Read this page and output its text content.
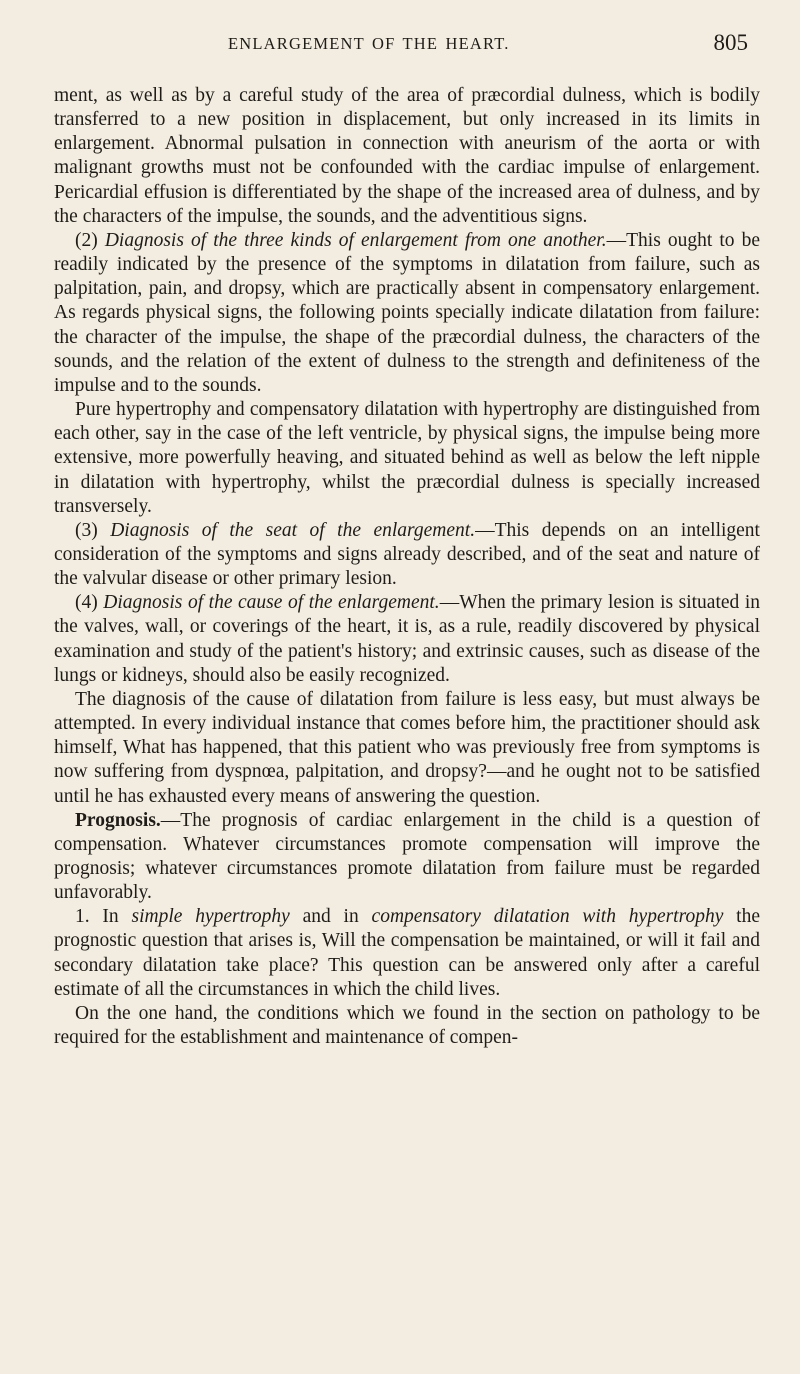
ENLARGEMENT OF THE HEART.	805

ment, as well as by a careful study of the area of præcordial dulness, which is bodily transferred to a new position in displacement, but only increased in its limits in enlargement. Abnormal pulsation in connection with aneurism of the aorta or with malignant growths must not be confounded with the cardiac impulse of enlargement. Pericardial effusion is differentiated by the shape of the increased area of dulness, and by the characters of the impulse, the sounds, and the adventitious signs.

(2) Diagnosis of the three kinds of enlargement from one another.—This ought to be readily indicated by the presence of the symptoms in dilatation from failure, such as palpitation, pain, and dropsy, which are practically absent in compensatory enlargement. As regards physical signs, the following points specially indicate dilatation from failure: the character of the impulse, the shape of the præcordial dulness, the characters of the sounds, and the relation of the extent of dulness to the strength and definiteness of the impulse and to the sounds.

Pure hypertrophy and compensatory dilatation with hypertrophy are distinguished from each other, say in the case of the left ventricle, by physical signs, the impulse being more extensive, more powerfully heaving, and situated behind as well as below the left nipple in dilatation with hypertrophy, whilst the præcordial dulness is specially increased transversely.

(3) Diagnosis of the seat of the enlargement.—This depends on an intelligent consideration of the symptoms and signs already described, and of the seat and nature of the valvular disease or other primary lesion.

(4) Diagnosis of the cause of the enlargement.—When the primary lesion is situated in the valves, wall, or coverings of the heart, it is, as a rule, readily discovered by physical examination and study of the patient's history; and extrinsic causes, such as disease of the lungs or kidneys, should also be easily recognized.

The diagnosis of the cause of dilatation from failure is less easy, but must always be attempted. In every individual instance that comes before him, the practitioner should ask himself, What has happened, that this patient who was previously free from symptoms is now suffering from dyspnœa, palpitation, and dropsy?—and he ought not to be satisfied until he has exhausted every means of answering the question.

Prognosis.—The prognosis of cardiac enlargement in the child is a question of compensation. Whatever circumstances promote compensation will improve the prognosis; whatever circumstances promote dilatation from failure must be regarded unfavorably.

1. In simple hypertrophy and in compensatory dilatation with hypertrophy the prognostic question that arises is, Will the compensation be maintained, or will it fail and secondary dilatation take place? This question can be answered only after a careful estimate of all the circumstances in which the child lives.

On the one hand, the conditions which we found in the section on pathology to be required for the establishment and maintenance of compen-
